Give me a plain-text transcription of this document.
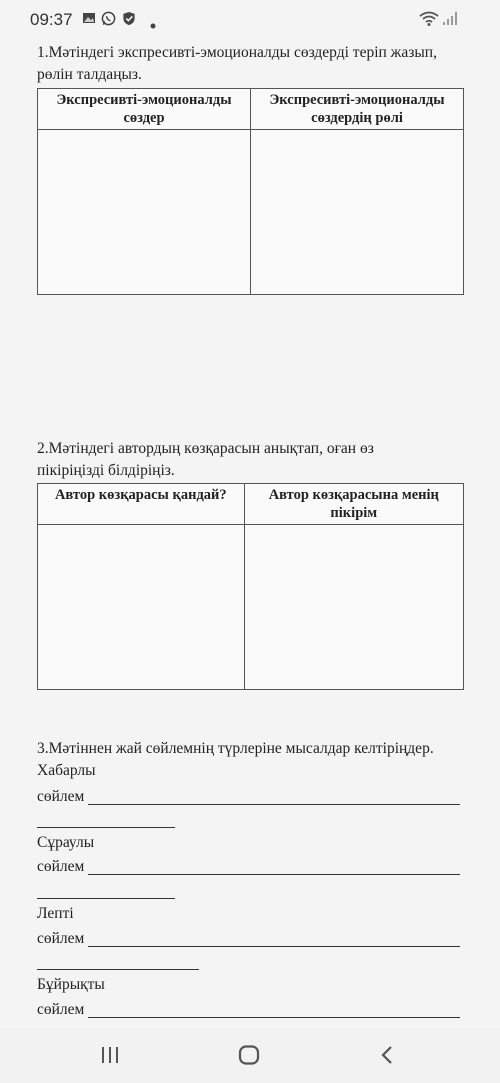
09:37
1.Мәтіндегі экспресивті-эмоционалды сөздерді теріп жазып,
рөлін талдаңыз.
Экспресивті-эмоционалды сөздер	Экспресивті-эмоционалды сөздердің рөлі

2.Мәтіндегі автордың көзқарасын анықтап, оған өз
пікіріңізді білдіріңіз.
Автор көзқарасы қандай?	Автор көзқарасына менің пікірім

3.Мәтіннен жай сөйлемнің түрлеріне мысалдар келтіріңдер.
Хабарлы
сөйлем
Сұраулы
сөйлем
Лепті
сөйлем
Бұйрықты
сөйлем
